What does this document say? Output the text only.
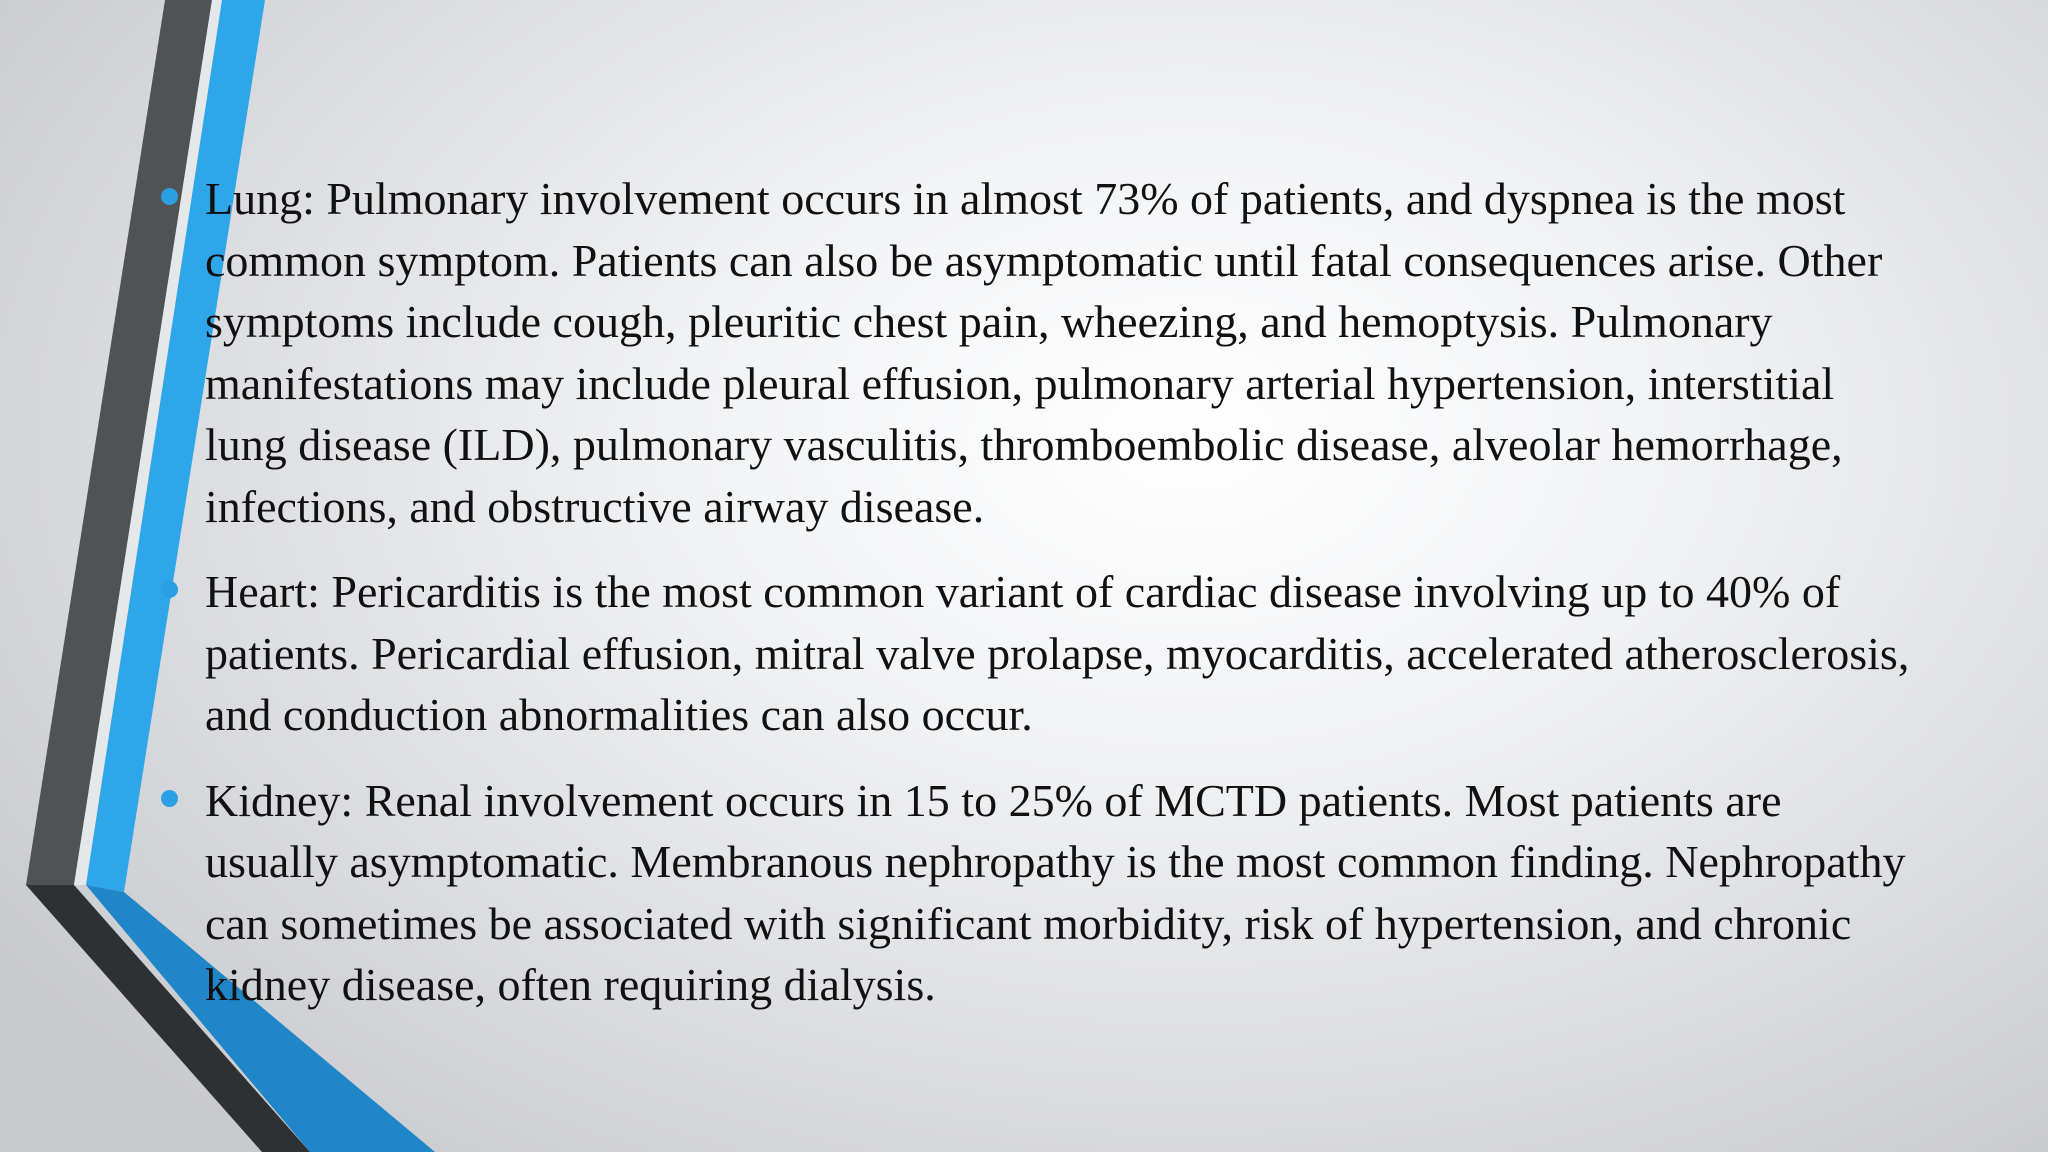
Lung: Pulmonary involvement occurs in almost 73% of patients, and dyspnea is the most common symptom. Patients can also be asymptomatic until fatal consequences arise. Other symptoms include cough, pleuritic chest pain, wheezing, and hemoptysis. Pulmonary manifestations may include pleural effusion, pulmonary arterial hypertension, interstitial lung disease (ILD), pulmonary vasculitis, thromboembolic disease, alveolar hemorrhage, infections, and obstructive airway disease.
Heart: Pericarditis is the most common variant of cardiac disease involving up to 40% of patients. Pericardial effusion, mitral valve prolapse, myocarditis, accelerated atherosclerosis, and conduction abnormalities can also occur.
Kidney: Renal involvement occurs in 15 to 25% of MCTD patients. Most patients are usually asymptomatic. Membranous nephropathy is the most common finding. Nephropathy can sometimes be associated with significant morbidity, risk of hypertension, and chronic kidney disease, often requiring dialysis.
